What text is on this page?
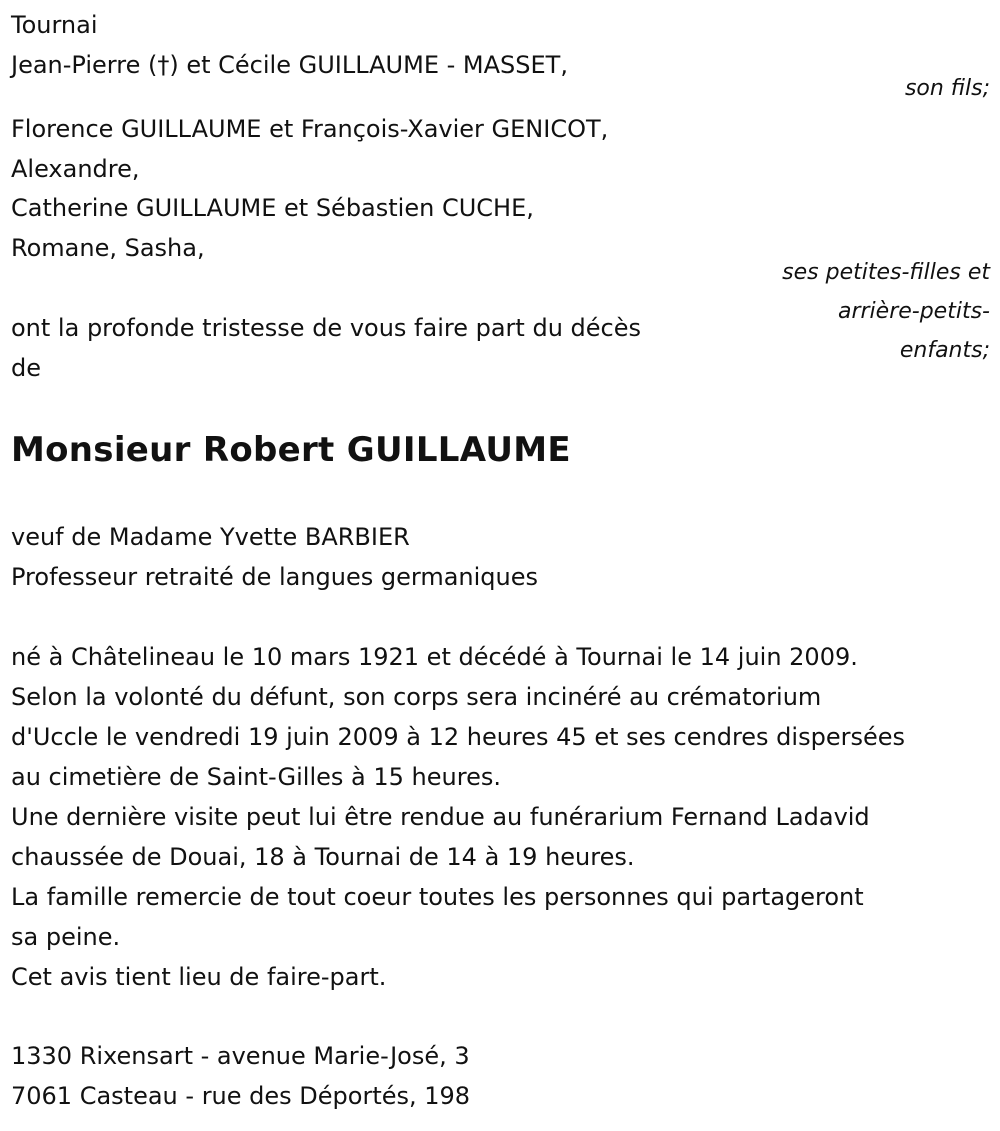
Tournai
Jean-Pierre (†) et Cécile GUILLAUME - MASSET,
son fils;
Florence GUILLAUME et François-Xavier GENICOT,
Alexandre,
Catherine GUILLAUME et Sébastien CUCHE,
Romane, Sasha,
ses petites-filles et
arrière-petits-
enfants;
ont la profonde tristesse de vous faire part du décès
de
Monsieur Robert GUILLAUME
veuf de Madame Yvette BARBIER
Professeur retraité de langues germaniques
né à Châtelineau le 10 mars 1921 et décédé à Tournai le 14 juin 2009.
Selon la volonté du défunt, son corps sera incinéré au crématorium
d'Uccle le vendredi 19 juin 2009 à 12 heures 45 et ses cendres dispersées
au cimetière de Saint-Gilles à 15 heures.
Une dernière visite peut lui être rendue au funérarium Fernand Ladavid
chaussée de Douai, 18 à Tournai de 14 à 19 heures.
La famille remercie de tout coeur toutes les personnes qui partageront
sa peine.
Cet avis tient lieu de faire-part.
1330 Rixensart - avenue Marie-José, 3
7061 Casteau - rue des Déportés, 198
